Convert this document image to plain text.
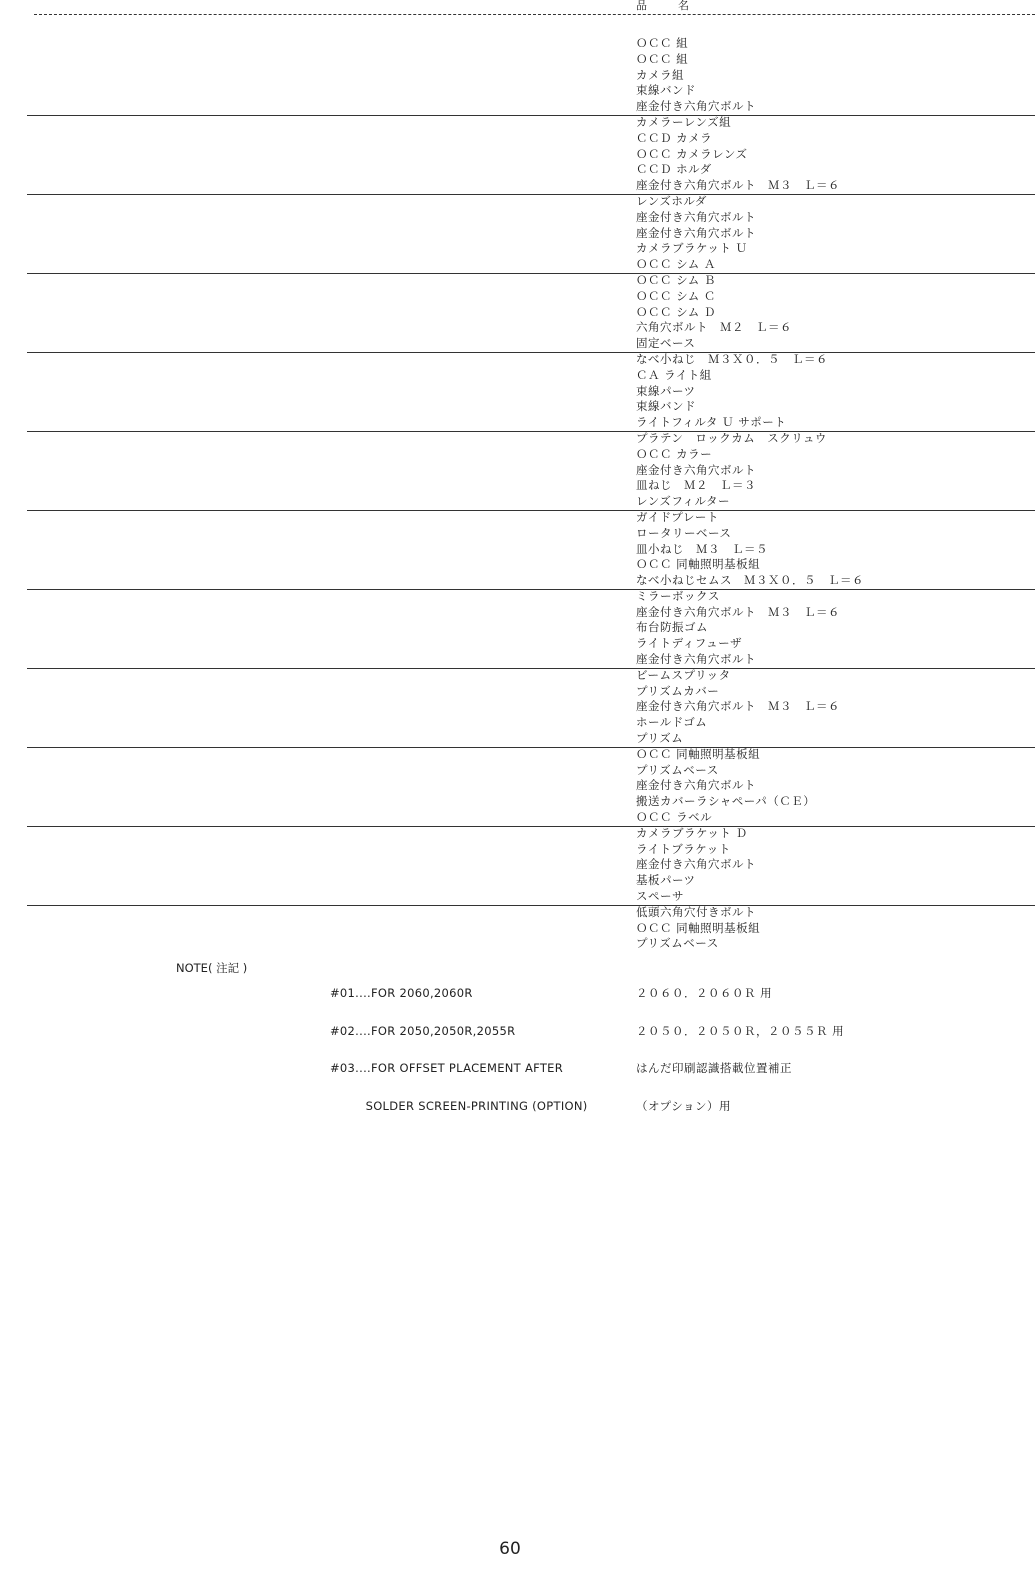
品　名
ＯＣＣ 組
ＯＣＣ 組
カメラ組
束線バンド
座金付き六角穴ボルト
カメラーレンズ組
ＣＣＤ カメラ
ＯＣＣ カメラレンズ
ＣＣＤ ホルダ
座金付き六角穴ボルト　Ｍ３　Ｌ＝６
レンズホルダ
座金付き六角穴ボルト
座金付き六角穴ボルト
カメラブラケット Ｕ
ＯＣＣ シム Ａ
ＯＣＣ シム Ｂ
ＯＣＣ シム Ｃ
ＯＣＣ シム Ｄ
六角穴ボルト　Ｍ２　Ｌ＝６
固定ベース
なべ小ねじ　Ｍ３Ｘ０．５　Ｌ＝６
ＣＡ ライト組
束線パーツ
束線バンド
ライトフィルタ Ｕ サポート
プラテン　ロックカム　スクリュウ
ＯＣＣ カラー
座金付き六角穴ボルト
皿ねじ　Ｍ２　Ｌ＝３
レンズフィルター
ガイドプレート
ロータリーベース
皿小ねじ　Ｍ３　Ｌ＝５
ＯＣＣ 同軸照明基板組
なべ小ねじセムス　Ｍ３Ｘ０．５　Ｌ＝６
ミラーボックス
座金付き六角穴ボルト　Ｍ３　Ｌ＝６
布台防振ゴム
ライトディフューザ
座金付き六角穴ボルト
ビームスプリッタ
プリズムカバー
座金付き六角穴ボルト　Ｍ３　Ｌ＝６
ホールドゴム
プリズム
ＯＣＣ 同軸照明基板組
プリズムベース
座金付き六角穴ボルト
搬送カバーラシャペーパ（ＣＥ）
ＯＣＣ ラベル
カメラブラケット Ｄ
ライトブラケット
座金付き六角穴ボルト
基板パーツ
スペーサ
低頭六角穴付きボルト
ＯＣＣ 同軸照明基板組
プリズムベース
NOTE( 注記 )

#01....FOR 2060,2060R

#02....FOR 2050,2050R,2055R

#03....FOR OFFSET PLACEMENT AFTER

SOLDER SCREEN-PRINTING (OPTION)

２０６０．２０６０Ｒ 用

２０５０．２０５０Ｒ，２０５５Ｒ 用

はんだ印刷認識搭載位置補正

（オプション）用

60
